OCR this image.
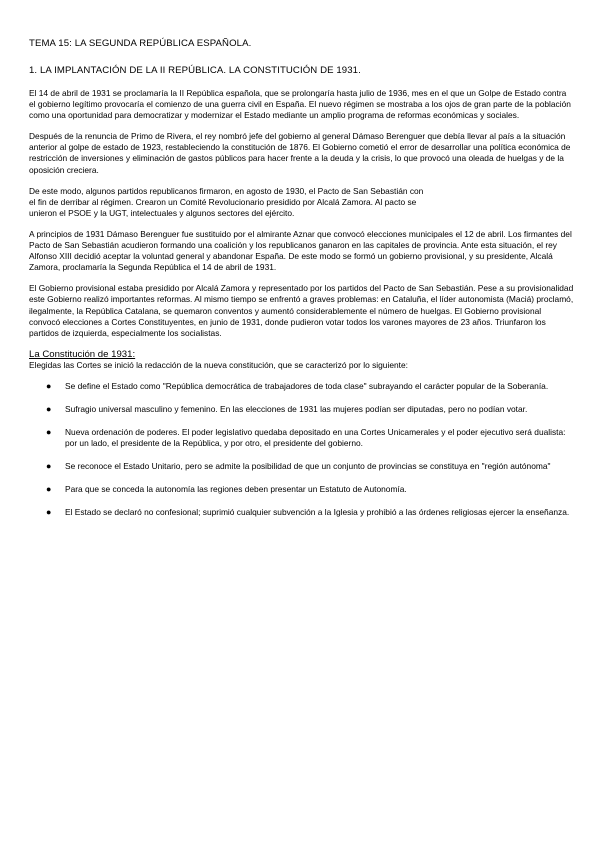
TEMA 15: LA SEGUNDA REPÚBLICA ESPAÑOLA.
1. LA IMPLANTACIÓN DE LA II REPÚBLICA. LA CONSTITUCIÓN DE 1931.

El 14 de abril de 1931 se proclamaría la II República española, que se prolongaría hasta julio de 1936, mes en el que un Golpe de Estado contra el gobierno legítimo provocaría el comienzo de una guerra civil en España. El nuevo régimen se mostraba a los ojos de gran parte de la población como una oportunidad para democratizar y modernizar el Estado mediante un amplio programa de reformas económicas y sociales.

Después de la renuncia de Primo de Rivera, el rey nombró jefe del gobierno al general Dámaso Berenguer que debía llevar al país a la situación anterior al golpe de estado de 1923, restableciendo la constitución de 1876. El Gobierno cometió el error de desarrollar una política económica de restricción de inversiones y eliminación de gastos públicos para hacer frente a la deuda y la crisis, lo que provocó una oleada de huelgas y de la oposición creciera.

De este modo, algunos partidos republicanos firmaron, en agosto de 1930, el Pacto de San Sebastián con el fin de derribar al régimen. Crearon un Comité Revolucionario presidido por Alcalá Zamora. Al pacto se unieron el PSOE y la UGT, intelectuales y algunos sectores del ejército.

A principios de 1931 Dámaso Berenguer fue sustituido por el almirante Aznar que convocó elecciones municipales el 12 de abril. Los firmantes del Pacto de San Sebastián acudieron formando una coalición y los republicanos ganaron en las capitales de provincia. Ante esta situación, el rey Alfonso XIII decidió aceptar la voluntad general y abandonar España. De este modo se formó un gobierno provisional, y su presidente, Alcalá Zamora, proclamaría la Segunda República el 14 de abril de 1931.

El Gobierno provisional estaba presidido por Alcalá Zamora y representado por los partidos del Pacto de San Sebastián. Pese a su provisionalidad este Gobierno realizó importantes reformas. Al mismo tiempo se enfrentó a graves problemas: en Cataluña, el líder autonomista (Maciá) proclamó, ilegalmente, la República Catalana, se quemaron conventos y aumentó considerablemente el número de huelgas. El Gobierno provisional convocó elecciones a Cortes Constituyentes, en junio de 1931, donde pudieron votar todos los varones mayores de 23 años. Triunfaron los partidos de izquierda, especialmente los socialistas.

La Constitución de 1931:

Elegidas las Cortes se inició la redacción de la nueva constitución, que se caracterizó por lo siguiente:

● Se define el Estado como "República democrática de trabajadores de toda clase" subrayando el carácter popular de la Soberanía.
● Sufragio universal masculino y femenino. En las elecciones de 1931 las mujeres podían ser diputadas, pero no podían votar.
● Nueva ordenación de poderes. El poder legislativo quedaba depositado en una Cortes Unicamerales y el poder ejecutivo será dualista: por un lado, el presidente de la República, y por otro, el presidente del gobierno.
● Se reconoce el Estado Unitario, pero se admite la posibilidad de que un conjunto de provincias se constituya en "región autónoma"
● Para que se conceda la autonomía las regiones deben presentar un Estatuto de Autonomía.
● El Estado se declaró no confesional; suprimió cualquier subvención a la Iglesia y prohibió a las órdenes religiosas ejercer la enseñanza.
